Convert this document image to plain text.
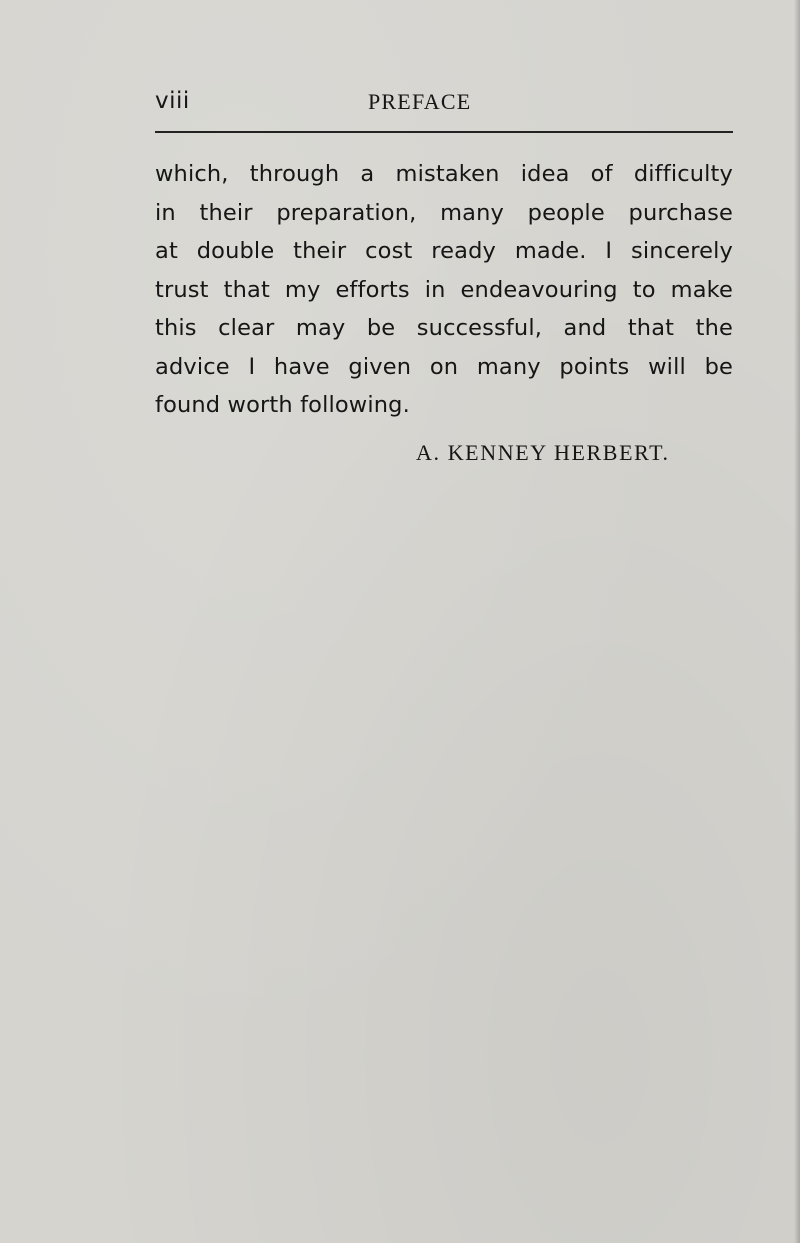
viii	PREFACE
which, through a mistaken idea of difficulty
in their preparation, many people purchase
at double their cost ready made. I sincerely
trust that my efforts in endeavouring to make
this clear may be successful, and that the
advice I have given on many points will be
found worth following.
A. KENNEY HERBERT.
